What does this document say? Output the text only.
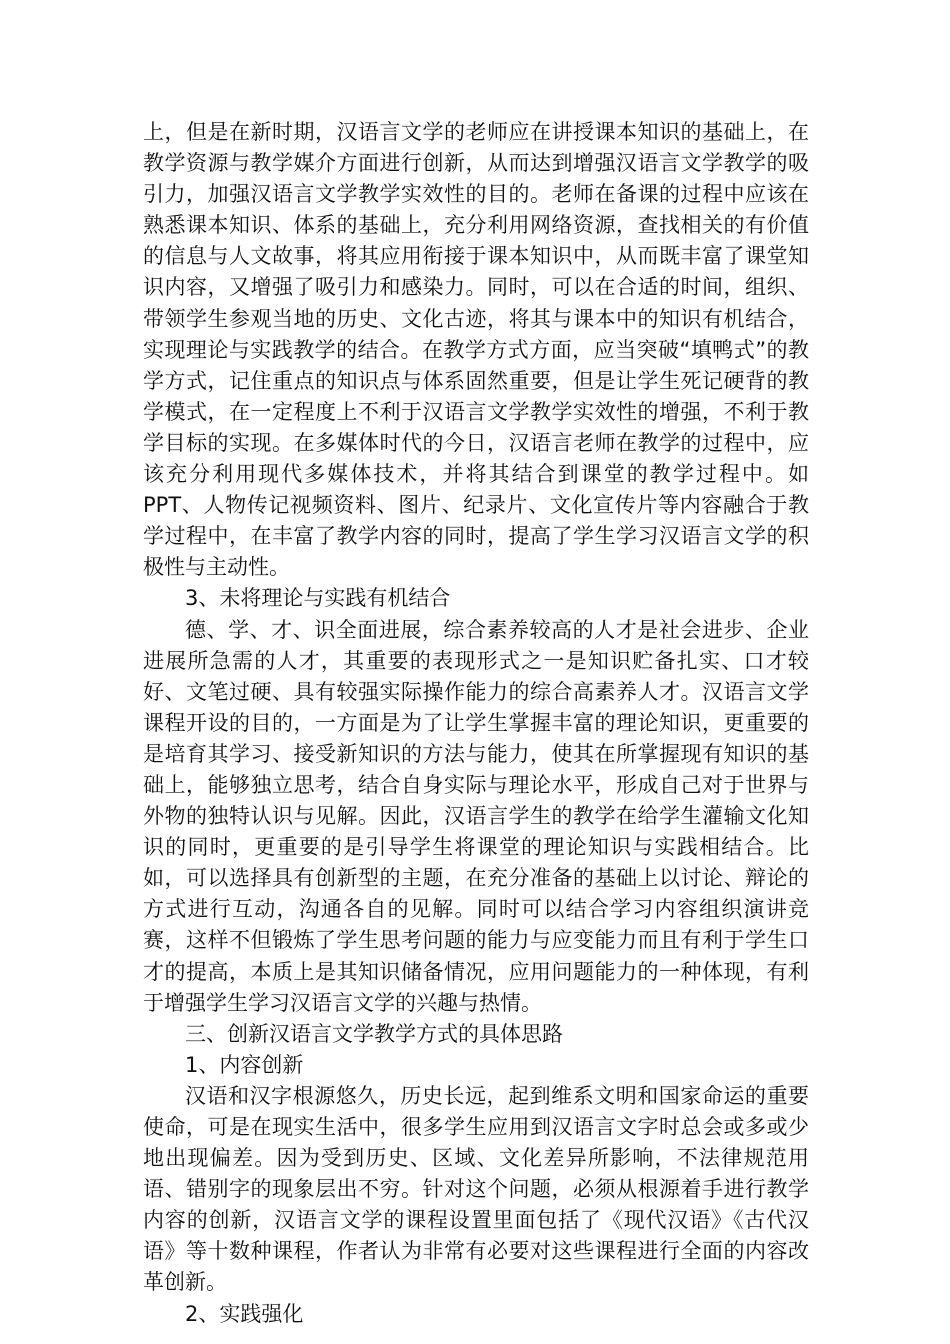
上，但是在新时期，汉语言文学的老师应在讲授课本知识的基础上，在教学资源与教学媒介方面进行创新，从而达到增强汉语言文学教学的吸引力，加强汉语言文学教学实效性的目的。老师在备课的过程中应该在熟悉课本知识、体系的基础上，充分利用网络资源，查找相关的有价值的信息与人文故事，将其应用衔接于课本知识中，从而既丰富了课堂知识内容，又增强了吸引力和感染力。同时，可以在合适的时间，组织、带领学生参观当地的历史、文化古迹，将其与课本中的知识有机结合，实现理论与实践教学的结合。在教学方式方面，应当突破“填鸭式”的教学方式，记住重点的知识点与体系固然重要，但是让学生死记硬背的教学模式，在一定程度上不利于汉语言文学教学实效性的增强，不利于教学目标的实现。在多媒体时代的今日，汉语言老师在教学的过程中，应该充分利用现代多媒体技术，并将其结合到课堂的教学过程中。如 PPT、人物传记视频资料、图片、纪录片、文化宣传片等内容融合于教学过程中，在丰富了教学内容的同时，提高了学生学习汉语言文学的积极性与主动性。

3、未将理论与实践有机结合

德、学、才、识全面进展，综合素养较高的人才是社会进步、企业进展所急需的人才，其重要的表现形式之一是知识贮备扎实、口才较好、文笔过硬、具有较强实际操作能力的综合高素养人才。汉语言文学课程开设的目的，一方面是为了让学生掌握丰富的理论知识，更重要的是培育其学习、接受新知识的方法与能力，使其在所掌握现有知识的基础上，能够独立思考，结合自身实际与理论水平，形成自己对于世界与外物的独特认识与见解。因此，汉语言学生的教学在给学生灌输文化知识的同时，更重要的是引导学生将课堂的理论知识与实践相结合。比如，可以选择具有创新型的主题，在充分准备的基础上以讨论、辩论的方式进行互动，沟通各自的见解。同时可以结合学习内容组织演讲竞赛，这样不但锻炼了学生思考问题的能力与应变能力而且有利于学生口才的提高，本质上是其知识储备情况，应用问题能力的一种体现，有利于增强学生学习汉语言文学的兴趣与热情。

三、创新汉语言文学教学方式的具体思路

1、内容创新

汉语和汉字根源悠久，历史长远，起到维系文明和国家命运的重要使命，可是在现实生活中，很多学生应用到汉语言文字时总会或多或少地出现偏差。因为受到历史、区域、文化差异所影响，不法律规范用语、错别字的现象层出不穷。针对这个问题，必须从根源着手进行教学内容的创新，汉语言文学的课程设置里面包括了《现代汉语》《古代汉语》等十数种课程，作者认为非常有必要对这些课程进行全面的内容改革创新。

2、实践强化
